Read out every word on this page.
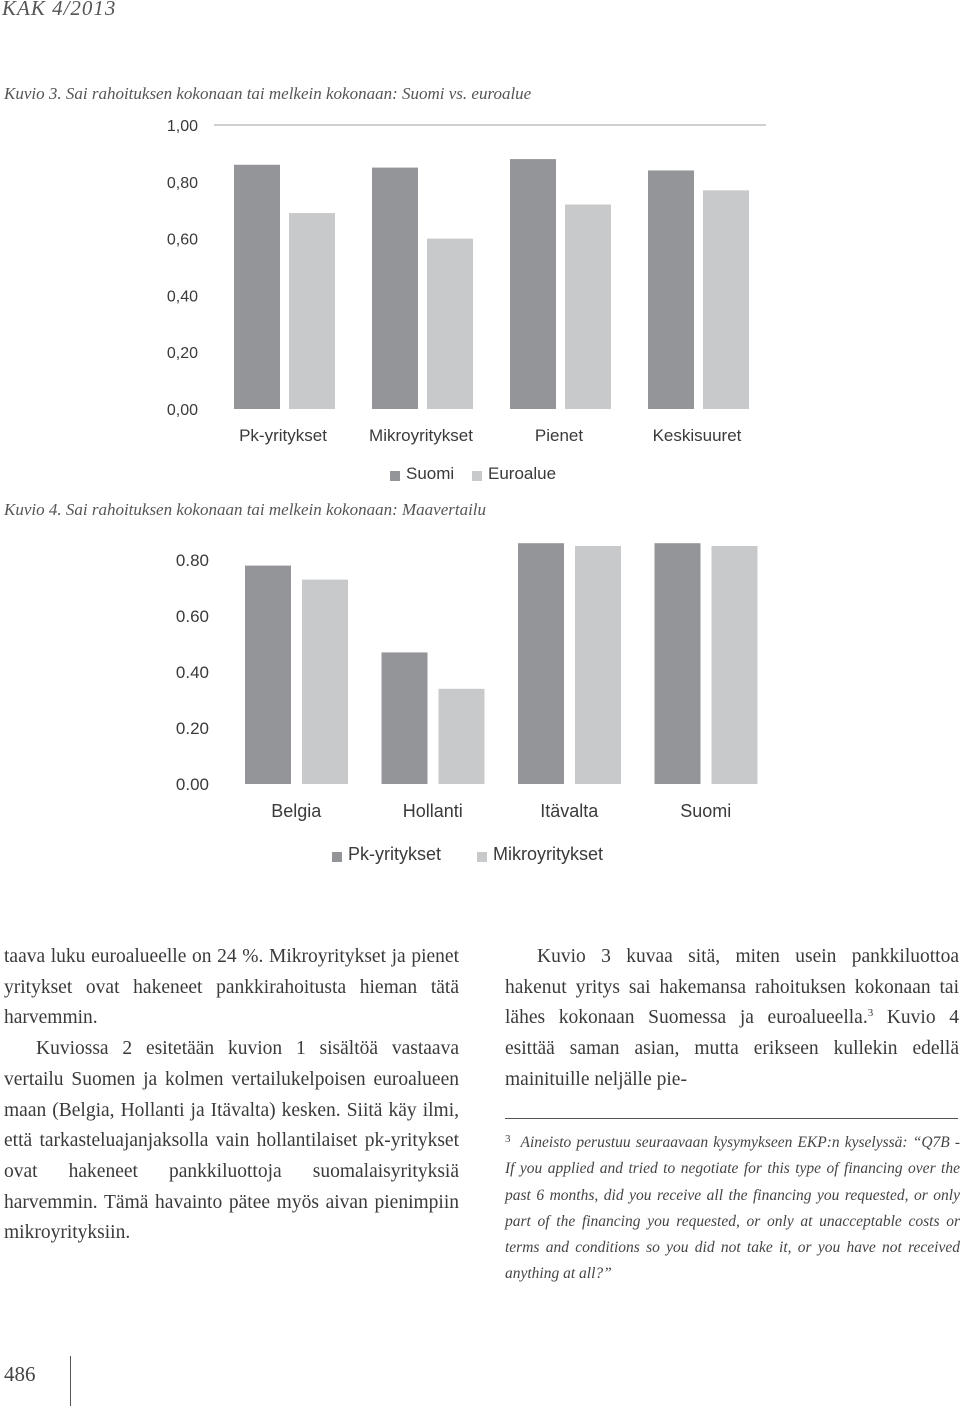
KAK 4/2013
Kuvio 3. Sai rahoituksen kokonaan tai melkein kokonaan: Suomi vs. euroalue
1,00
0,80
0,60
0,40
0,20
0,00
Pk-yritykset Mikroyritykset	Pienet	Keskisuuret
Suomi Euroalue
Kuvio 4. Sai rahoituksen kokonaan tai melkein kokonaan: Maavertailu
0.80
0.60
0.40
0.20
0.00
Belgia	Hollanti	Itävalta	Suomi
Pk-yritykset	Mikroyritykset

taava luku euroalueelle on 24 %. Mikroyritykset ja pienet yritykset ovat hakeneet pankkirahoitusta hieman tätä harvemmin.

Kuviossa 2 esitetään kuvion 1 sisältöä vastaava vertailu Suomen ja kolmen vertailukelpoisen euroalueen maan (Belgia, Hollanti ja Itävalta) kesken. Siitä käy ilmi, että tarkasteluajanjaksolla vain hollantilaiset pk-yritykset ovat hakeneet pankkiluottoja suomalaisyrityksiä harvemmin. Tämä havainto pätee myös aivan pienimpiin mikroyrityksiin.

Kuvio 3 kuvaa sitä, miten usein pankkiluottoa hakenut yritys sai hakemansa rahoituksen kokonaan tai lähes kokonaan Suomessa ja euroalueella.$^3$ Kuvio 4 esittää saman asian, mutta erikseen kullekin edellä mainituille neljälle pie-

$^3$ Aineisto perustuu seuraavaan kysymykseen EKP:n kyselyssä: “Q7B - If you applied and tried to negotiate for this type of financing over the past 6 months, did you receive all the financing you requested, or only part of the financing you requested, or only at unacceptable costs or terms and conditions so you did not take it, or you have not received anything at all?”
486
